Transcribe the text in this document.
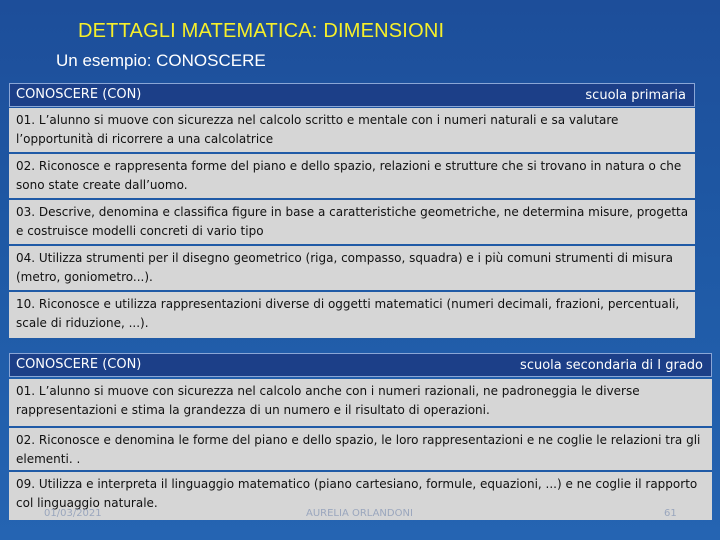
DETTAGLI MATEMATICA: DIMENSIONI
Un esempio: CONOSCERE
CONOSCERE (CON)	scuola primaria
01. L’alunno si muove con sicurezza nel calcolo scritto e mentale con i numeri naturali e sa valutare l’opportunità di ricorrere a una calcolatrice
02. Riconosce e rappresenta forme del piano e dello spazio, relazioni e strutture che si trovano in natura o che sono state create dall’uomo.
03. Descrive, denomina e classifica figure in base a caratteristiche geometriche, ne determina misure, progetta e costruisce modelli concreti di vario tipo
04. Utilizza strumenti per il disegno geometrico (riga, compasso, squadra) e i più comuni strumenti di misura (metro, goniometro...).
10. Riconosce e utilizza rappresentazioni diverse di oggetti matematici (numeri decimali, frazioni, percentuali, scale di riduzione, ...).
CONOSCERE (CON)	scuola secondaria di I grado
01. L’alunno si muove con sicurezza nel calcolo anche con i numeri razionali, ne padroneggia le diverse rappresentazioni e stima la grandezza di un numero e il risultato di operazioni.
02. Riconosce e denomina le forme del piano e dello spazio, le loro rappresentazioni e ne coglie le relazioni tra gli elementi. .
09. Utilizza e interpreta il linguaggio matematico (piano cartesiano, formule, equazioni, ...) e ne coglie il rapporto col linguaggio naturale.
01/03/2021	AURELIA ORLANDONI	61
